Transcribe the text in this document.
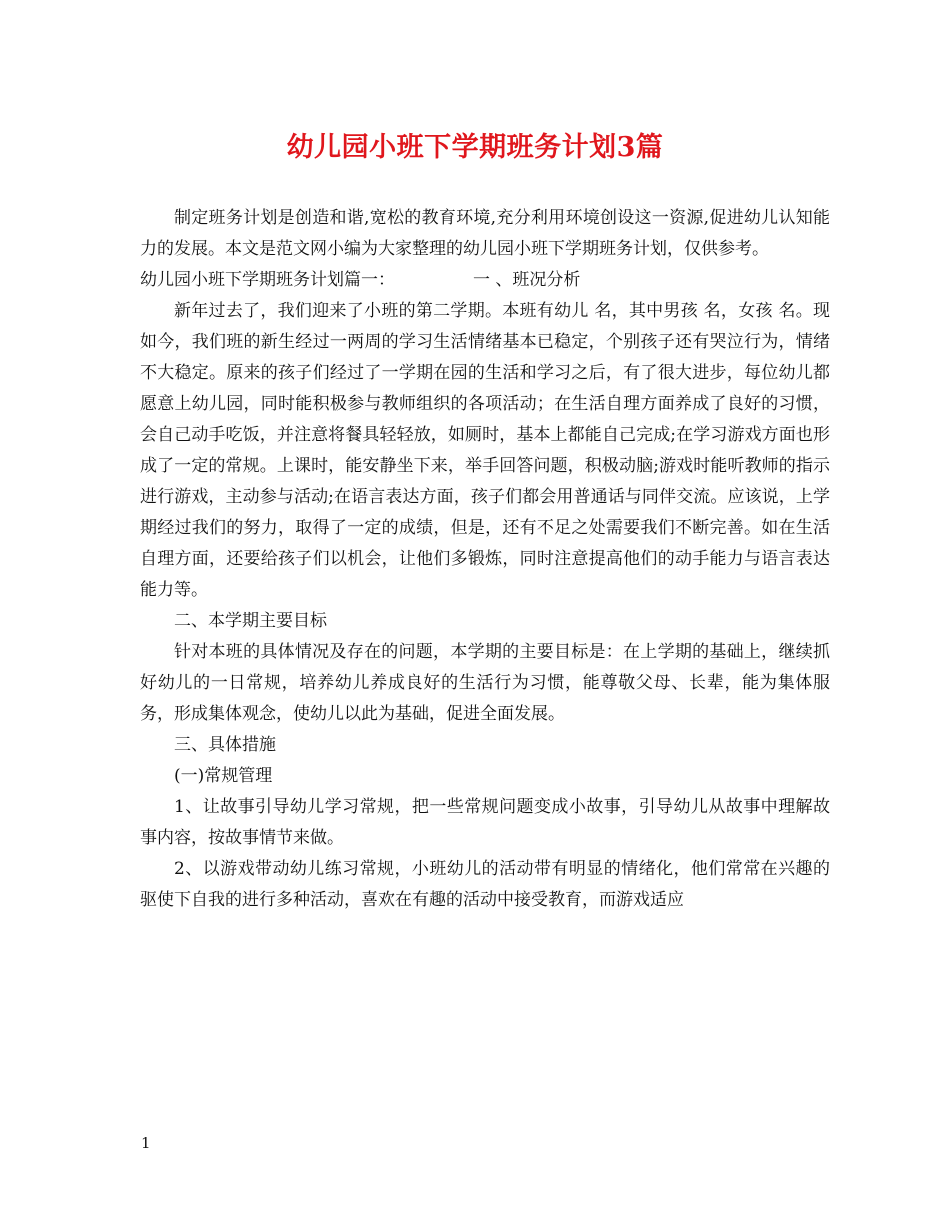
幼儿园小班下学期班务计划3篇

制定班务计划是创造和谐,宽松的教育环境,充分利用环境创设这一资源,促进幼儿认知能力的发展。本文是范文网小编为大家整理的幼儿园小班下学期班务计划，仅供参考。

幼儿园小班下学期班务计划篇一：	一 、班况分析

新年过去了，我们迎来了小班的第二学期。本班有幼儿 名，其中男孩 名，女孩 名。现如今，我们班的新生经过一两周的学习生活情绪基本已稳定，个别孩子还有哭泣行为，情绪不大稳定。原来的孩子们经过了一学期在园的生活和学习之后，有了很大进步，每位幼儿都愿意上幼儿园，同时能积极参与教师组织的各项活动；在生活自理方面养成了良好的习惯，会自己动手吃饭，并注意将餐具轻轻放，如厕时，基本上都能自己完成;在学习游戏方面也形成了一定的常规。上课时，能安静坐下来，举手回答问题，积极动脑;游戏时能听教师的指示进行游戏，主动参与活动;在语言表达方面，孩子们都会用普通话与同伴交流。应该说，上学期经过我们的努力，取得了一定的成绩，但是，还有不足之处需要我们不断完善。如在生活自理方面，还要给孩子们以机会，让他们多锻炼，同时注意提高他们的动手能力与语言表达能力等。

二、本学期主要目标

针对本班的具体情况及存在的问题，本学期的主要目标是：在上学期的基础上，继续抓好幼儿的一日常规，培养幼儿养成良好的生活行为习惯，能尊敬父母、长辈，能为集体服务，形成集体观念，使幼儿以此为基础，促进全面发展。

三、具体措施

(一)常规管理

1、让故事引导幼儿学习常规，把一些常规问题变成小故事，引导幼儿从故事中理解故事内容，按故事情节来做。

2、以游戏带动幼儿练习常规，小班幼儿的活动带有明显的情绪化，他们常常在兴趣的驱使下自我的进行多种活动，喜欢在有趣的活动中接受教育，而游戏适应

1
